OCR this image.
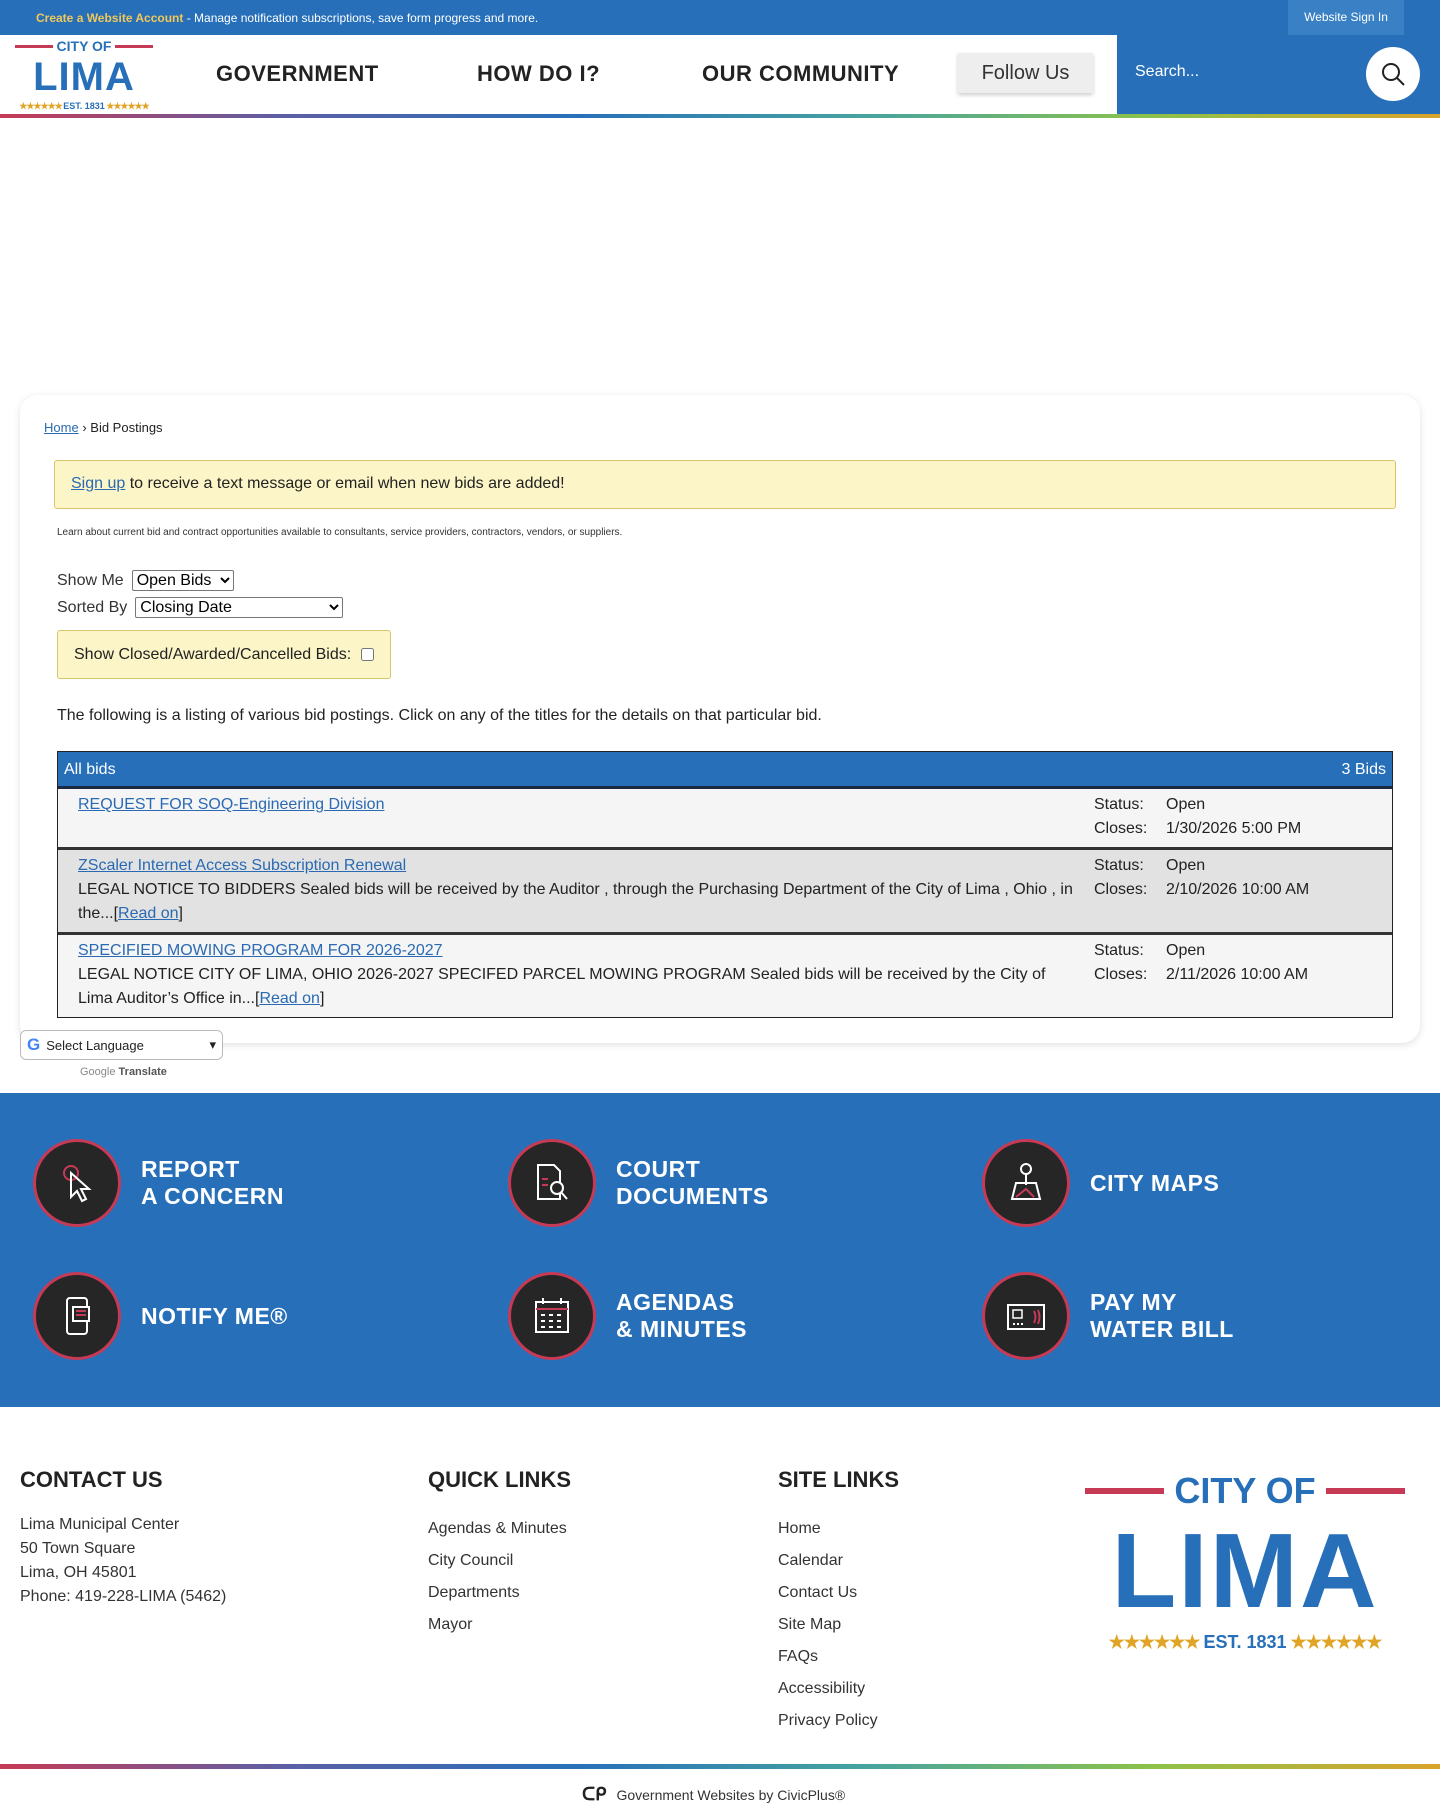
Create a Website Account - Manage notification subscriptions, save form progress and more.	Website Sign In
CITY OF
LIMA
★★★★★★ EST. 1831 ★★★★★★
GOVERNMENT	HOW DO I?	OUR COMMUNITY	Follow Us
Search...
Home › Bid Postings
Sign up to receive a text message or email when new bids are added!
Learn about current bid and contract opportunities available to consultants, service providers, contractors, vendors, or suppliers.
Show Me
Open Bids
Sorted By
Closing Date
Show Closed/Awarded/Cancelled Bids:
The following is a listing of various bid postings. Click on any of the titles for the details on that particular bid.
All bids	3 Bids
REQUEST FOR SOQ-Engineering Division	Status: Open
Closes: 1/30/2026 5:00 PM
ZScaler Internet Access Subscription Renewal
LEGAL NOTICE TO BIDDERS Sealed bids will be received by the Auditor , through the Purchasing Department of the City of Lima , Ohio , in the...[Read on]
Status: Open
Closes: 2/10/2026 10:00 AM
SPECIFIED MOWING PROGRAM FOR 2026-2027
LEGAL NOTICE CITY OF LIMA, OHIO 2026-2027 SPECIFED PARCEL MOWING PROGRAM Sealed bids will be received by the City of Lima Auditor’s Office in...[Read on]
Status: Open
Closes: 2/11/2026 10:00 AM
G Select Language	▾
Google Translate
REPORT
A CONCERN
COURT
DOCUMENTS
CITY MAPS
NOTIFY ME®
AGENDAS
& MINUTES
PAY MY
WATER BILL
CONTACT US
Lima Municipal Center
50 Town Square
Lima, OH 45801
Phone: 419-228-LIMA (5462)
QUICK LINKS
Agendas & Minutes
City Council
Departments
Mayor
SITE LINKS
Home
Calendar
Contact Us
Site Map
FAQs
Accessibility
Privacy Policy
CITY OF
LIMA
★★★★★★ EST. 1831 ★★★★★★
ᑕᑭ Government Websites by CivicPlus®
